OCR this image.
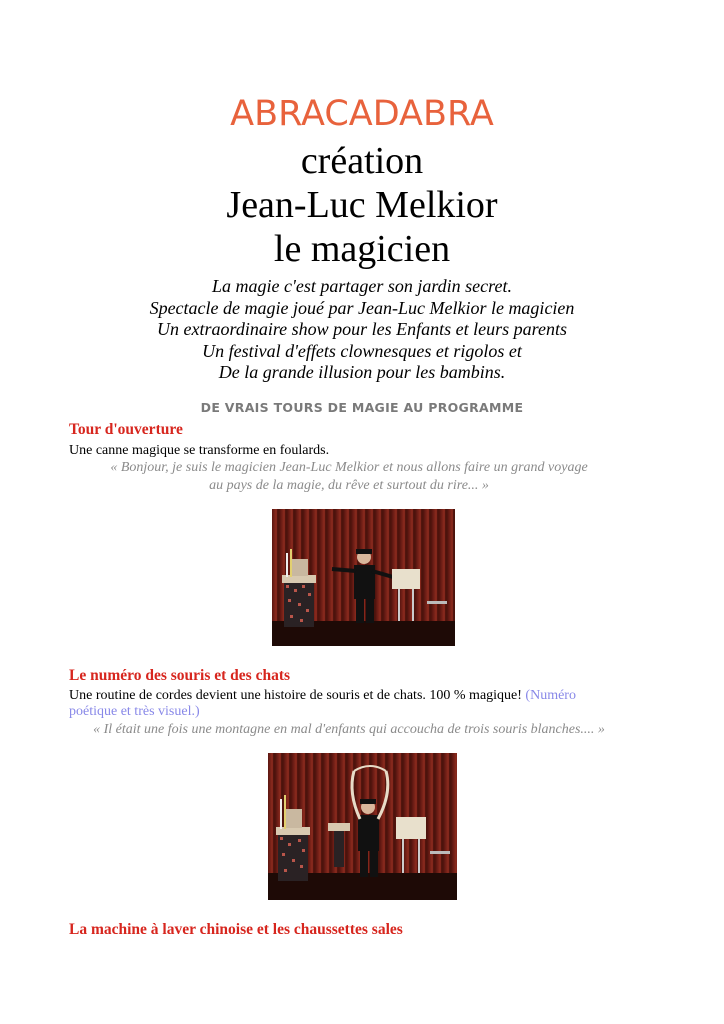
ABRACADABRA
création
Jean-Luc Melkior
le magicien
La magie c'est partager son jardin secret.
Spectacle de magie joué par Jean-Luc Melkior le magicien
Un extraordinaire show pour les Enfants et leurs parents
Un festival d'effets clownesques et rigolos et
De la grande illusion pour les bambins.
DE VRAIS TOURS DE MAGIE AU PROGRAMME
Tour d'ouverture
Une canne magique se transforme en foulards.
« Bonjour, je suis le magicien Jean-Luc Melkior et nous allons faire un grand voyage
au pays de la magie, du rêve et surtout du rire... »
Le numéro des souris et des chats
Une routine de cordes devient une histoire de souris et de chats. 100 % magique! (Numéro
poétique et très visuel.)
« Il était une fois une montagne en mal d'enfants qui accoucha de trois souris blanches.... »
La machine à laver chinoise et les chaussettes sales
